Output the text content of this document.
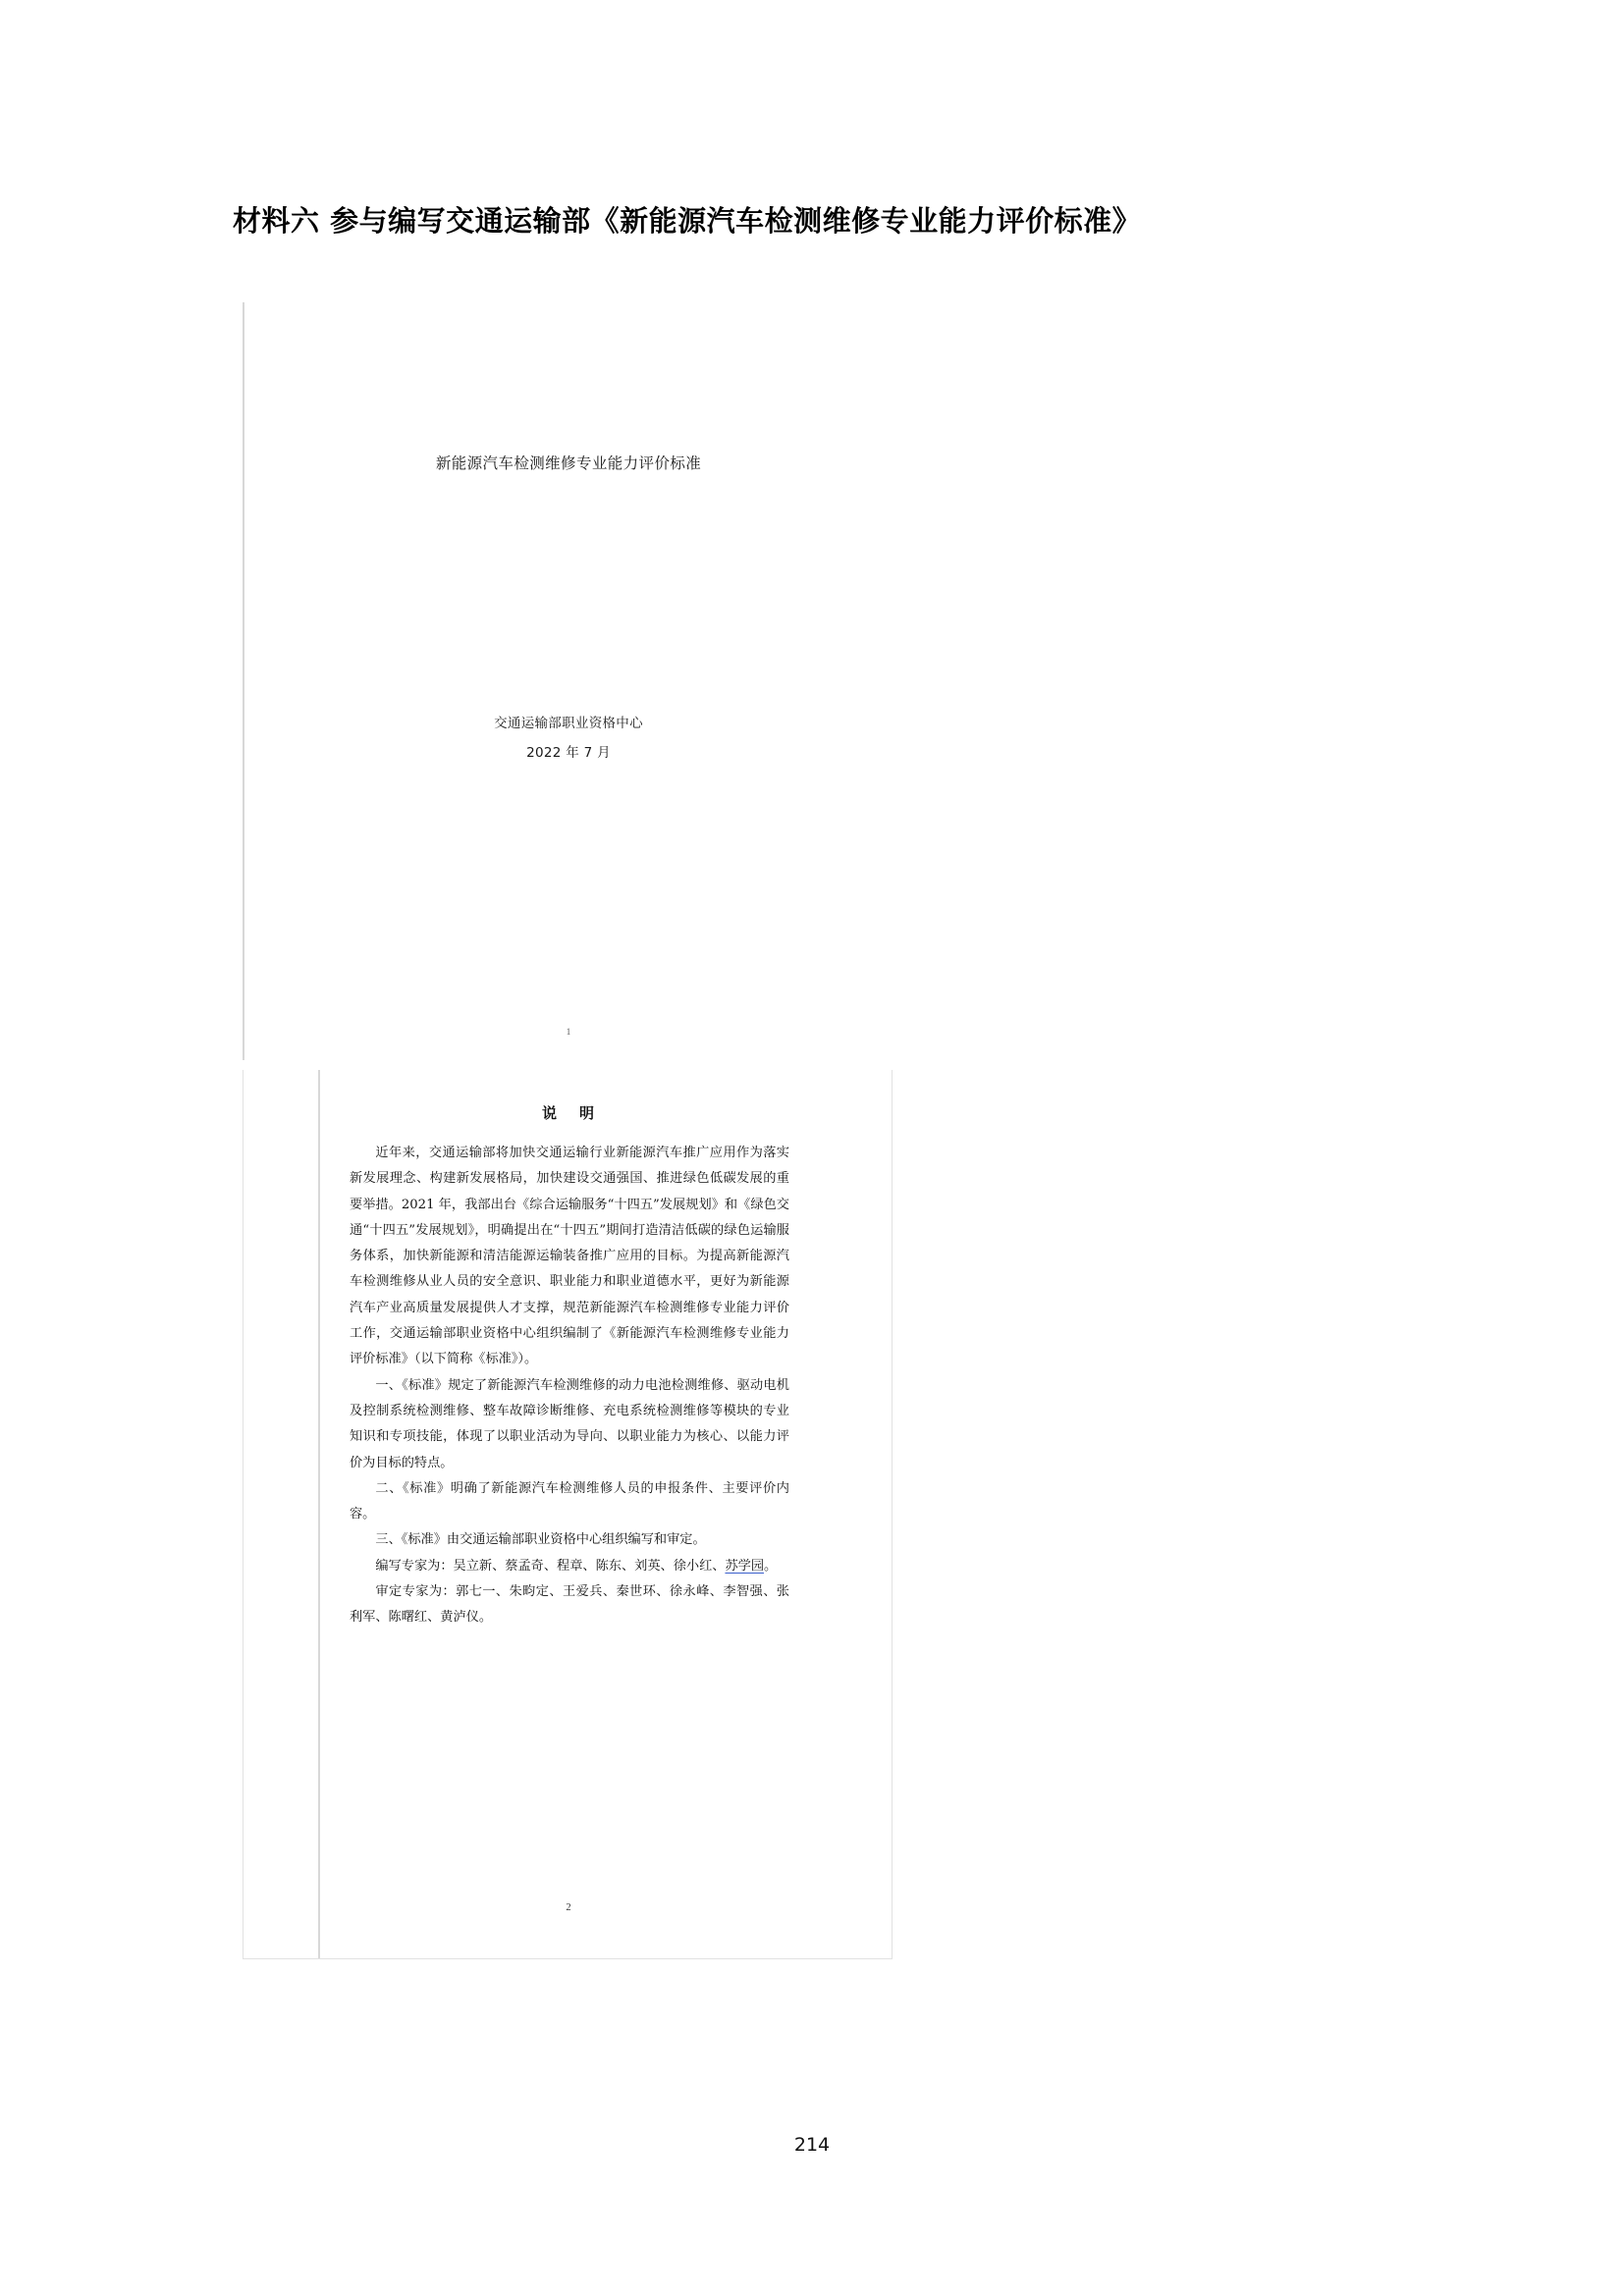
材料六 参与编写交通运输部《新能源汽车检测维修专业能力评价标准》
新能源汽车检测维修专业能力评价标准
交通运输部职业资格中心
2022 年 7 月
1
说 明

近年来，交通运输部将加快交通运输行业新能源汽车推广应用作为落实新发展理念、构建新发展格局，加快建设交通强国、推进绿色低碳发展的重要举措。2021 年，我部出台《综合运输服务“十四五”发展规划》和《绿色交通“十四五”发展规划》，明确提出在“十四五”期间打造清洁低碳的绿色运输服务体系，加快新能源和清洁能源运输装备推广应用的目标。为提高新能源汽车检测维修从业人员的安全意识、职业能力和职业道德水平，更好为新能源汽车产业高质量发展提供人才支撑，规范新能源汽车检测维修专业能力评价工作，交通运输部职业资格中心组织编制了《新能源汽车检测维修专业能力评价标准》（以下简称《标准》）。

一、《标准》规定了新能源汽车检测维修的动力电池检测维修、驱动电机及控制系统检测维修、整车故障诊断维修、充电系统检测维修等模块的专业知识和专项技能，体现了以职业活动为导向、以职业能力为核心、以能力评价为目标的特点。

二、《标准》明确了新能源汽车检测维修人员的申报条件、主要评价内容。

三、《标准》由交通运输部职业资格中心组织编写和审定。

编写专家为：吴立新、蔡孟奇、程章、陈东、刘英、徐小红、苏学园。

审定专家为：郭七一、朱畇定、王爱兵、秦世环、徐永峰、李智强、张利军、陈曙红、黄泸仪。

2
214
